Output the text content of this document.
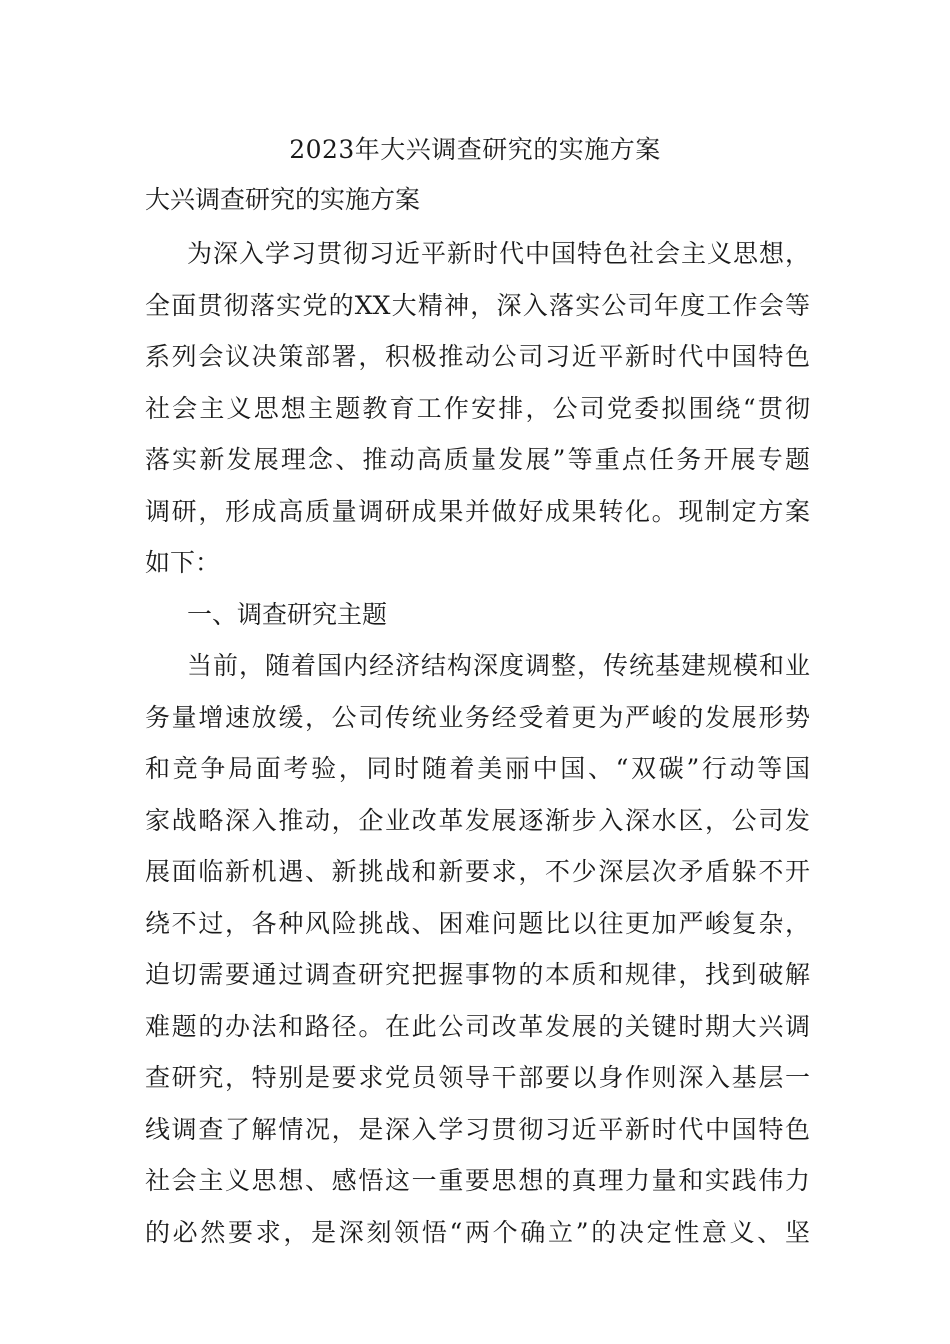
2023年大兴调查研究的实施方案

大兴调查研究的实施方案

为深入学习贯彻习近平新时代中国特色社会主义思想，
全面贯彻落实党的XX大精神，深入落实公司年度工作会等
系列会议决策部署，积极推动公司习近平新时代中国特色
社会主义思想主题教育工作安排，公司党委拟围绕“贯彻
落实新发展理念、推动高质量发展”等重点任务开展专题
调研，形成高质量调研成果并做好成果转化。现制定方案
如下：
一、调查研究主题
当前，随着国内经济结构深度调整，传统基建规模和业
务量增速放缓，公司传统业务经受着更为严峻的发展形势
和竞争局面考验，同时随着美丽中国、“双碳”行动等国
家战略深入推动，企业改革发展逐渐步入深水区，公司发
展面临新机遇、新挑战和新要求，不少深层次矛盾躲不开
绕不过，各种风险挑战、困难问题比以往更加严峻复杂，
迫切需要通过调查研究把握事物的本质和规律，找到破解
难题的办法和路径。在此公司改革发展的关键时期大兴调
查研究，特别是要求党员领导干部要以身作则深入基层一
线调查了解情况，是深入学习贯彻习近平新时代中国特色
社会主义思想、感悟这一重要思想的真理力量和实践伟力
的必然要求，是深刻领悟“两个确立”的决定性意义、坚
